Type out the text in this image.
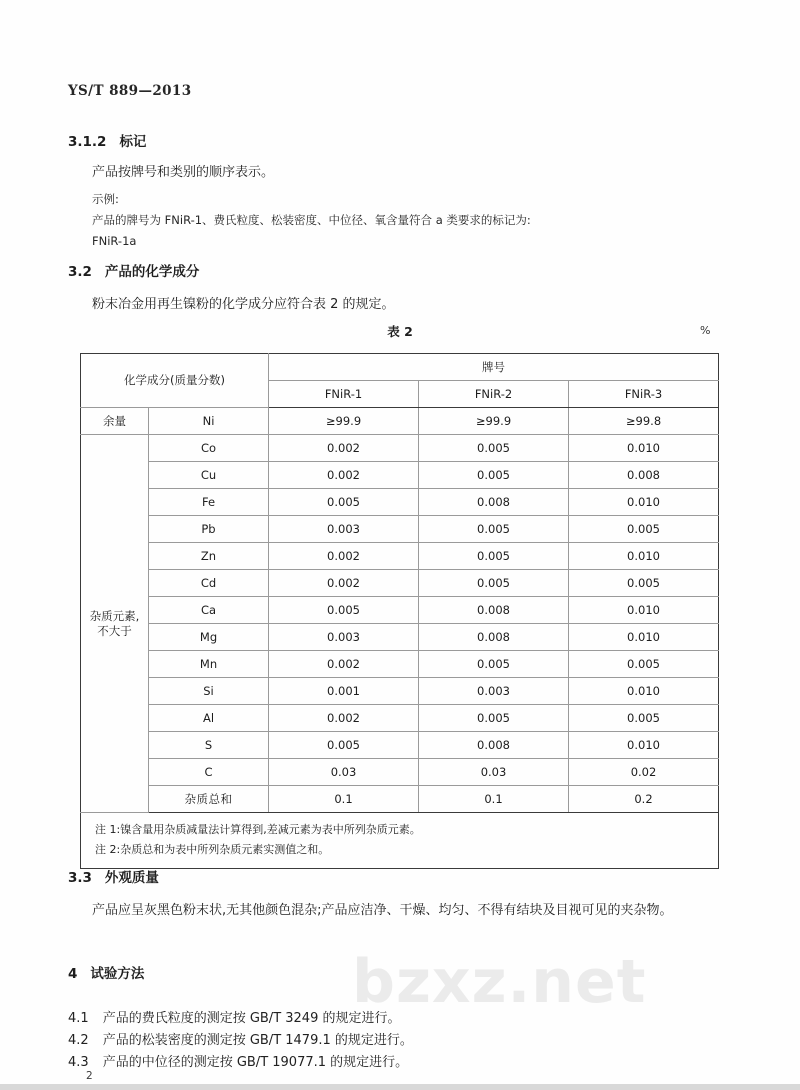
bzxz.net
YS/T 889—2013
3.1.2 标记
产品按牌号和类别的顺序表示。
示例:
产品的牌号为 FNiR-1、费氏粒度、松装密度、中位径、氧含量符合 a 类要求的标记为:
FNiR-1a
3.2 产品的化学成分
粉末冶金用再生镍粉的化学成分应符合表 2 的规定。
表 2	%
化学成分(质量分数)		牌号		
		FNiR-1	FNiR-2	FNiR-3
余量	Ni	≥99.9	≥99.9	≥99.8
杂质元素,
不大于	Co	0.002	0.005	0.010
	Cu	0.002	0.005	0.008
	Fe	0.005	0.008	0.010
	Pb	0.003	0.005	0.005
	Zn	0.002	0.005	0.010
	Cd	0.002	0.005	0.005
	Ca	0.005	0.008	0.010
	Mg	0.003	0.008	0.010
	Mn	0.002	0.005	0.005
	Si	0.001	0.003	0.010
	Al	0.002	0.005	0.005
	S	0.005	0.008	0.010
	C	0.03	0.03	0.02
	杂质总和	0.1	0.1	0.2

注 1:镍含量用杂质减量法计算得到,差减元素为表中所列杂质元素。
注 2:杂质总和为表中所列杂质元素实测值之和。				
3.3 外观质量
产品应呈灰黑色粉末状,无其他颜色混杂;产品应洁净、干燥、均匀、不得有结块及目视可见的夹杂物。
4 试验方法
4.1 产品的费氏粒度的测定按 GB/T 3249 的规定进行。
4.2 产品的松装密度的测定按 GB/T 1479.1 的规定进行。
4.3 产品的中位径的测定按 GB/T 19077.1 的规定进行。
2
